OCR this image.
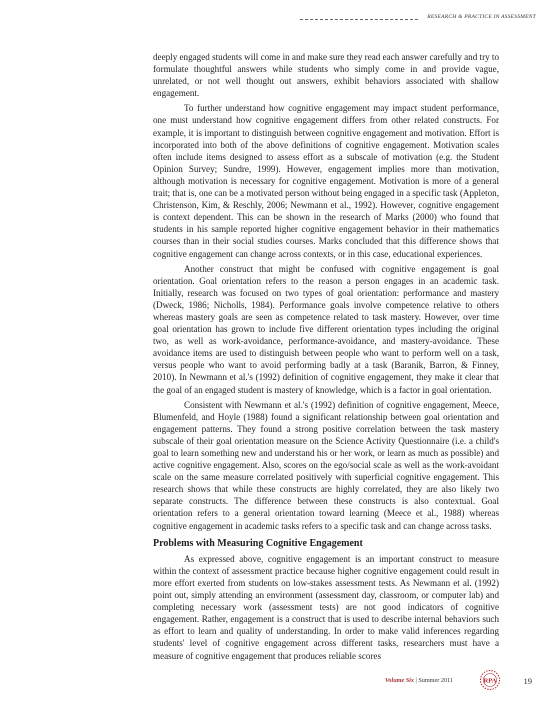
RESEARCH & PRACTICE IN ASSESSMENT

deeply engaged students will come in and make sure they read each answer carefully and try to formulate thoughtful answers while students who simply come in and provide vague, unrelated, or not well thought out answers, exhibit behaviors associated with shallow engagement.

To further understand how cognitive engagement may impact student performance, one must understand how cognitive engagement differs from other related constructs. For example, it is important to distinguish between cognitive engagement and motivation. Effort is incorporated into both of the above definitions of cognitive engagement. Motivation scales often include items designed to assess effort as a subscale of motivation (e.g. the Student Opinion Survey; Sundre, 1999). However, engagement implies more than motivation, although motivation is necessary for cognitive engagement. Motivation is more of a general trait; that is, one can be a motivated person without being engaged in a specific task (Appleton, Christenson, Kim, & Reschly, 2006; Newmann et al., 1992). However, cognitive engagement is context dependent. This can be shown in the research of Marks (2000) who found that students in his sample reported higher cognitive engagement behavior in their mathematics courses than in their social studies courses. Marks concluded that this difference shows that cognitive engagement can change across contexts, or in this case, educational experiences.

Another construct that might be confused with cognitive engagement is goal orientation. Goal orientation refers to the reason a person engages in an academic task. Initially, research was focused on two types of goal orientation: performance and mastery (Dweck, 1986; Nicholls, 1984). Performance goals involve competence relative to others whereas mastery goals are seen as competence related to task mastery. However, over time goal orientation has grown to include five different orientation types including the original two, as well as work-avoidance, performance-avoidance, and mastery-avoidance. These avoidance items are used to distinguish between people who want to perform well on a task, versus people who want to avoid performing badly at a task (Baranik, Barron, & Finney, 2010). In Newmann et al.'s (1992) definition of cognitive engagement, they make it clear that the goal of an engaged student is mastery of knowledge, which is a factor in goal orientation.

Consistent with Newmann et al.'s (1992) definition of cognitive engagement, Meece, Blumenfeld, and Hoyle (1988) found a significant relationship between goal orientation and engagement patterns. They found a strong positive correlation between the task mastery subscale of their goal orientation measure on the Science Activity Questionnaire (i.e. a child's goal to learn something new and understand his or her work, or learn as much as possible) and active cognitive engagement. Also, scores on the ego/social scale as well as the work-avoidant scale on the same measure correlated positively with superficial cognitive engagement. This research shows that while these constructs are highly correlated, they are also likely two separate constructs. The difference between these constructs is also contextual. Goal orientation refers to a general orientation toward learning (Meece et al., 1988) whereas cognitive engagement in academic tasks refers to a specific task and can change across tasks.

Problems with Measuring Cognitive Engagement

As expressed above, cognitive engagement is an important construct to measure within the context of assessment practice because higher cognitive engagement could result in more effort exerted from students on low-stakes assessment tests. As Newmann et al. (1992) point out, simply attending an environment (assessment day, classroom, or computer lab) and completing necessary work (assessment tests) are not good indicators of cognitive engagement. Rather, engagement is a construct that is used to describe internal behaviors such as effort to learn and quality of understanding. In order to make valid inferences regarding students' level of cognitive engagement across different tasks, researchers must have a measure of cognitive engagement that produces reliable scores

Volume Six | Summer 2011	RPA	19
